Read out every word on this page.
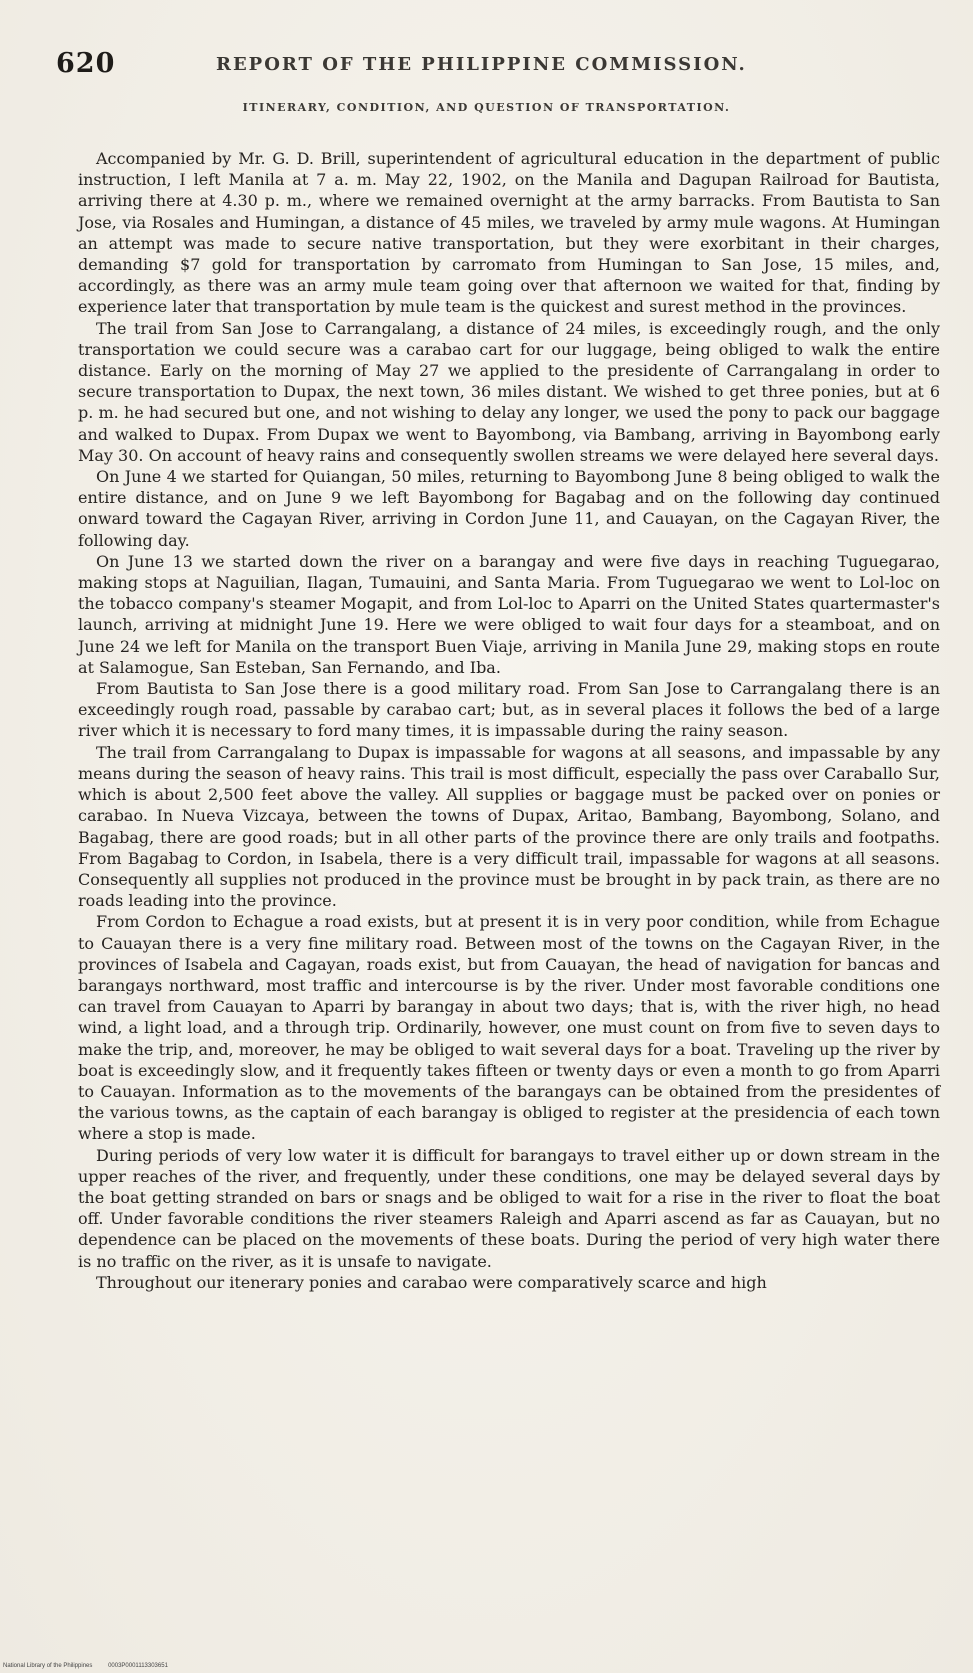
620	REPORT OF THE PHILIPPINE COMMISSION.
ITINERARY, CONDITION, AND QUESTION OF TRANSPORTATION.

Accompanied by Mr. G. D. Brill, superintendent of agricultural education in the department of public instruction, I left Manila at 7 a. m. May 22, 1902, on the Manila and Dagupan Railroad for Bautista, arriving there at 4.30 p. m., where we remained overnight at the army barracks. From Bautista to San Jose, via Rosales and Humingan, a distance of 45 miles, we traveled by army mule wagons. At Humingan an attempt was made to secure native transportation, but they were exorbitant in their charges, demanding $7 gold for transportation by carromato from Humingan to San Jose, 15 miles, and, accordingly, as there was an army mule team going over that afternoon we waited for that, finding by experience later that transportation by mule team is the quickest and surest method in the provinces.

The trail from San Jose to Carrangalang, a distance of 24 miles, is exceedingly rough, and the only transportation we could secure was a carabao cart for our luggage, being obliged to walk the entire distance. Early on the morning of May 27 we applied to the presidente of Carrangalang in order to secure transportation to Dupax, the next town, 36 miles distant. We wished to get three ponies, but at 6 p. m. he had secured but one, and not wishing to delay any longer, we used the pony to pack our baggage and walked to Dupax. From Dupax we went to Bayombong, via Bambang, arriving in Bayombong early May 30. On account of heavy rains and consequently swollen streams we were delayed here several days.

On June 4 we started for Quiangan, 50 miles, returning to Bayombong June 8 being obliged to walk the entire distance, and on June 9 we left Bayombong for Bagabag and on the following day continued onward toward the Cagayan River, arriving in Cordon June 11, and Cauayan, on the Cagayan River, the following day.

On June 13 we started down the river on a barangay and were five days in reaching Tuguegarao, making stops at Naguilian, Ilagan, Tumauini, and Santa Maria. From Tuguegarao we went to Lol-loc on the tobacco company's steamer Mogapit, and from Lol-loc to Aparri on the United States quartermaster's launch, arriving at midnight June 19. Here we were obliged to wait four days for a steamboat, and on June 24 we left for Manila on the transport Buen Viaje, arriving in Manila June 29, making stops en route at Salamogue, San Esteban, San Fernando, and Iba.

From Bautista to San Jose there is a good military road. From San Jose to Carrangalang there is an exceedingly rough road, passable by carabao cart; but, as in several places it follows the bed of a large river which it is necessary to ford many times, it is impassable during the rainy season.

The trail from Carrangalang to Dupax is impassable for wagons at all seasons, and impassable by any means during the season of heavy rains. This trail is most difficult, especially the pass over Caraballo Sur, which is about 2,500 feet above the valley. All supplies or baggage must be packed over on ponies or carabao. In Nueva Vizcaya, between the towns of Dupax, Aritao, Bambang, Bayombong, Solano, and Bagabag, there are good roads; but in all other parts of the province there are only trails and footpaths. From Bagabag to Cordon, in Isabela, there is a very difficult trail, impassable for wagons at all seasons. Consequently all supplies not produced in the province must be brought in by pack train, as there are no roads leading into the province.

From Cordon to Echague a road exists, but at present it is in very poor condition, while from Echague to Cauayan there is a very fine military road. Between most of the towns on the Cagayan River, in the provinces of Isabela and Cagayan, roads exist, but from Cauayan, the head of navigation for bancas and barangays northward, most traffic and intercourse is by the river. Under most favorable conditions one can travel from Cauayan to Aparri by barangay in about two days; that is, with the river high, no head wind, a light load, and a through trip. Ordinarily, however, one must count on from five to seven days to make the trip, and, moreover, he may be obliged to wait several days for a boat. Traveling up the river by boat is exceedingly slow, and it frequently takes fifteen or twenty days or even a month to go from Aparri to Cauayan. Information as to the movements of the barangays can be obtained from the presidentes of the various towns, as the captain of each barangay is obliged to register at the presidencia of each town where a stop is made.

During periods of very low water it is difficult for barangays to travel either up or down stream in the upper reaches of the river, and frequently, under these conditions, one may be delayed several days by the boat getting stranded on bars or snags and be obliged to wait for a rise in the river to float the boat off. Under favorable conditions the river steamers Raleigh and Aparri ascend as far as Cauayan, but no dependence can be placed on the movements of these boats. During the period of very high water there is no traffic on the river, as it is unsafe to navigate.

Throughout our itenerary ponies and carabao were comparatively scarce and high

National Library of the Philippines	0003P0001113303651
